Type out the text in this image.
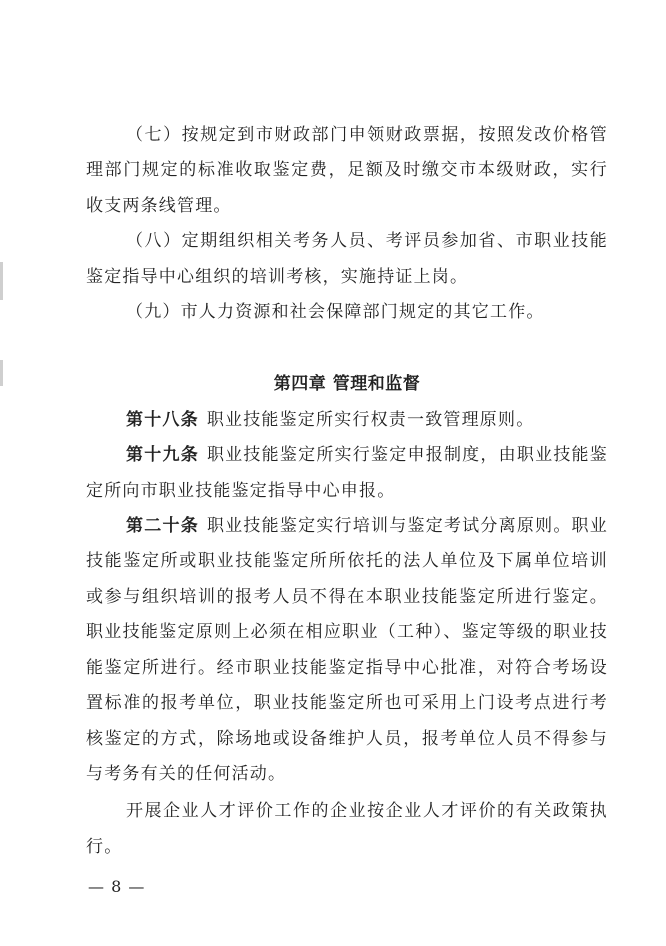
（七）按规定到市财政部门申领财政票据，按照发改价格管理部门规定的标准收取鉴定费，足额及时缴交市本级财政，实行收支两条线管理。

（八）定期组织相关考务人员、考评员参加省、市职业技能鉴定指导中心组织的培训考核，实施持证上岗。

（九）市人力资源和社会保障部门规定的其它工作。

第四章 管理和监督

第十八条 职业技能鉴定所实行权责一致管理原则。

第十九条 职业技能鉴定所实行鉴定申报制度，由职业技能鉴定所向市职业技能鉴定指导中心申报。

第二十条 职业技能鉴定实行培训与鉴定考试分离原则。职业技能鉴定所或职业技能鉴定所所依托的法人单位及下属单位培训或参与组织培训的报考人员不得在本职业技能鉴定所进行鉴定。职业技能鉴定原则上必须在相应职业（工种）、鉴定等级的职业技能鉴定所进行。经市职业技能鉴定指导中心批准，对符合考场设置标准的报考单位，职业技能鉴定所也可采用上门设考点进行考核鉴定的方式，除场地或设备维护人员，报考单位人员不得参与与考务有关的任何活动。

开展企业人才评价工作的企业按企业人才评价的有关政策执行。

— 8 —
